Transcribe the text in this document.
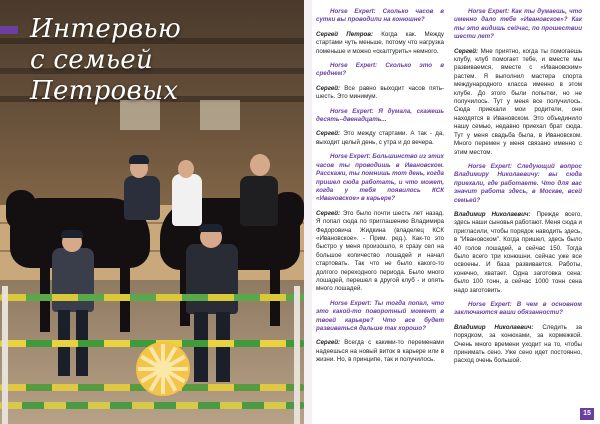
Интервью
с семьей Петровых

Horse Expert: Сколько часов в сутки вы проводили на конюшне?

Сергей Петров: Когда как. Между стартами чуть меньше, потому что нагрузка поменьше и можно «скалтурить» немного.

Horse Expert: Сколько это в среднем?

Сергей: Все равно выходит часов пять-шесть. Это минимум.

Horse Expert: Я думала, скажешь десять–двенадцать...

Сергей: Это между стартами. А так - да, выходит целый день, с утра и до вечера.

Horse Expert: Большинство из этих часов ты проводишь в Ивановском. Расскажи, ты помнишь тот день, когда пришел сюда работать, и что может, когда у тебя появилось КСК «Ивановское» в карьере?

Сергей: Это было почти шесть лет назад. Я попал сюда по приглашению Владимира Федоровича Жидкина (владелец КСК «Ивановское». - Прим. ред.). Как-то это быстро у меня произошло, я сразу сел на большое количество лошадей и начал стартовать. Так что не было какого-то долгого переходного периода. Было много лошадей, перешел в другой клуб - и опять много лошадей.

Horse Expert: Ты тогда попал, что это какой-то поворотный момент в твоей карьере? Что все будет развиваться дальше так хорошо?

Сергей: Всегда с какими-то переменами надеешься на новый виток в карьере или в жизни. Но, в принципе, так и получилось.

Horse Expert: Как ты думаешь, что именно дало тебе «Ивановское»? Как ты это видишь сейчас, по прошествии шести лет?

Сергей: Мне приятно, когда ты помогаешь клубу, клуб помогает тебе, и вместе мы развиваемся, вместе с «Ивановским» растем. Я выполнил мастера спорта международного класса именно в этом клубе. До этого были попытки, но не получилось. Тут у меня все получилось. Сюда приехали мои родители, они находятся в Ивановском. Это объединило нашу семью, недавно приехал брат сюда. Тут у меня свадьба была, в Ивановском. Много перемен у меня связано именно с этим местом.

Horse Expert: Следующий вопрос Владимиру Николаевичу: вы сюда приехали, где работаете. Что для вас значит работа здесь, в Москве, всей семьей?

Владимир Николаевич: Прежде всего, здесь наши сыновья работают. Меня сюда и пригласили, чтобы порядок наводить здесь, в "Ивановском". Когда пришел, здесь было 40 голов лошадей, а сейчас 150. Тогда было всего три конюшни, сейчас уже все освоены. И база развивается. Работы, конечно, хватает. Одна заготовка сена: было 100 тонн, а сейчас 1000 тонн сена надо заготовить.

Horse Expert: В чем в основном заключаются ваши обязанности?

Владимир Николаевич: Следить за порядком, за конюхами, за кормежкой. Очень много времени уходит на то, чтобы принимать сено. Уже сено идет постоянно, расход очень большой.

15
